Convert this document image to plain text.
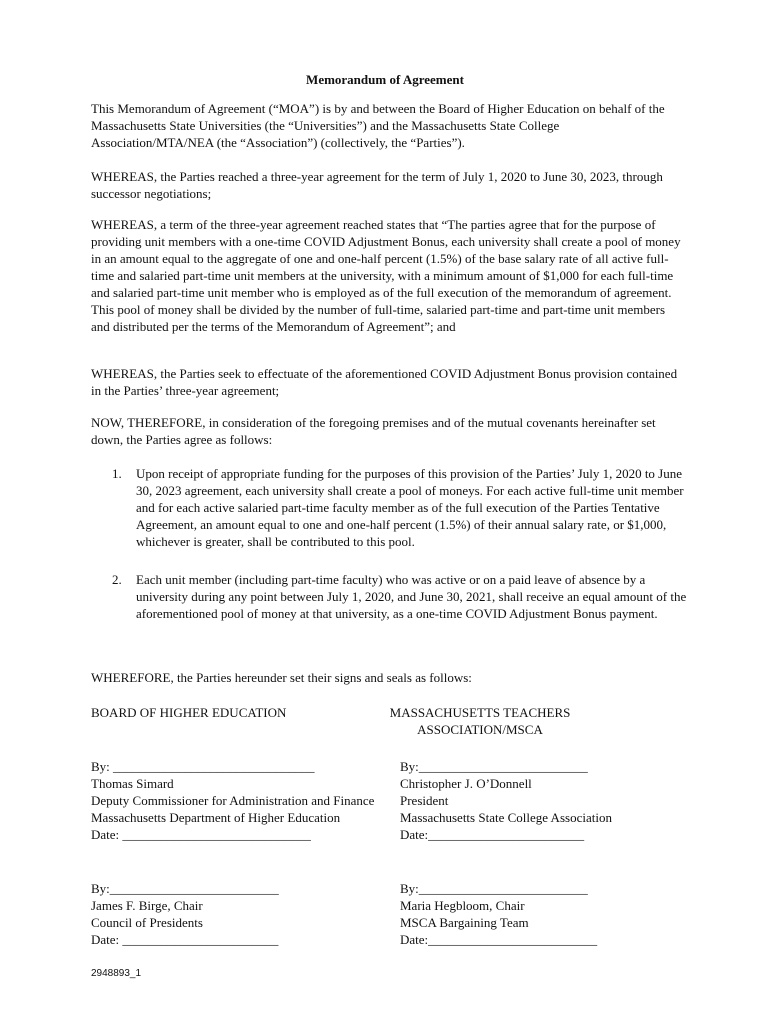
Memorandum of Agreement

This Memorandum of Agreement (“MOA”) is by and between the Board of Higher Education on behalf of the Massachusetts State Universities (the “Universities”) and the Massachusetts State College Association/MTA/NEA (the “Association”) (collectively, the “Parties”).

WHEREAS, the Parties reached a three-year agreement for the term of July 1, 2020 to June 30, 2023, through successor negotiations;

WHEREAS, a term of the three-year agreement reached states that “The parties agree that for the purpose of providing unit members with a one-time COVID Adjustment Bonus, each university shall create a pool of money in an amount equal to the aggregate of one and one-half percent (1.5%) of the base salary rate of all active full-time and salaried part-time unit members at the university, with a minimum amount of $1,000 for each full-time and salaried part-time unit member who is employed as of the full execution of the memorandum of agreement. This pool of money shall be divided by the number of full-time, salaried part-time and part-time unit members and distributed per the terms of the Memorandum of Agreement”; and

WHEREAS, the Parties seek to effectuate of the aforementioned COVID Adjustment Bonus provision contained in the Parties’ three-year agreement;

NOW, THEREFORE, in consideration of the foregoing premises and of the mutual covenants hereinafter set down, the Parties agree as follows:

1.	Upon receipt of appropriate funding for the purposes of this provision of the Parties’ July 1, 2020 to June 30, 2023 agreement, each university shall create a pool of moneys. For each active full-time unit member and for each active salaried part-time faculty member as of the full execution of the Parties Tentative Agreement, an amount equal to one and one-half percent (1.5%) of their annual salary rate, or $1,000, whichever is greater, shall be contributed to this pool.
2.	Each unit member (including part-time faculty) who was active or on a paid leave of absence by a university during any point between July 1, 2020, and June 30, 2021, shall receive an equal amount of the aforementioned pool of money at that university, as a one-time COVID Adjustment Bonus payment.

WHEREFORE, the Parties hereunder set their signs and seals as follows:

BOARD OF HIGHER EDUCATION	MASSACHUSETTS TEACHERS ASSOCIATION/MSCA
By: _______________________________
Thomas Simard
Deputy Commissioner for Administration and Finance
Massachusetts Department of Higher Education
Date: _____________________________
By:__________________________
Christopher J. O’Donnell
President
Massachusetts State College Association
Date:________________________
By:__________________________
James F. Birge, Chair
Council of Presidents
Date: ________________________
By:__________________________
Maria Hegbloom, Chair
MSCA Bargaining Team
Date:__________________________
2948893_1
